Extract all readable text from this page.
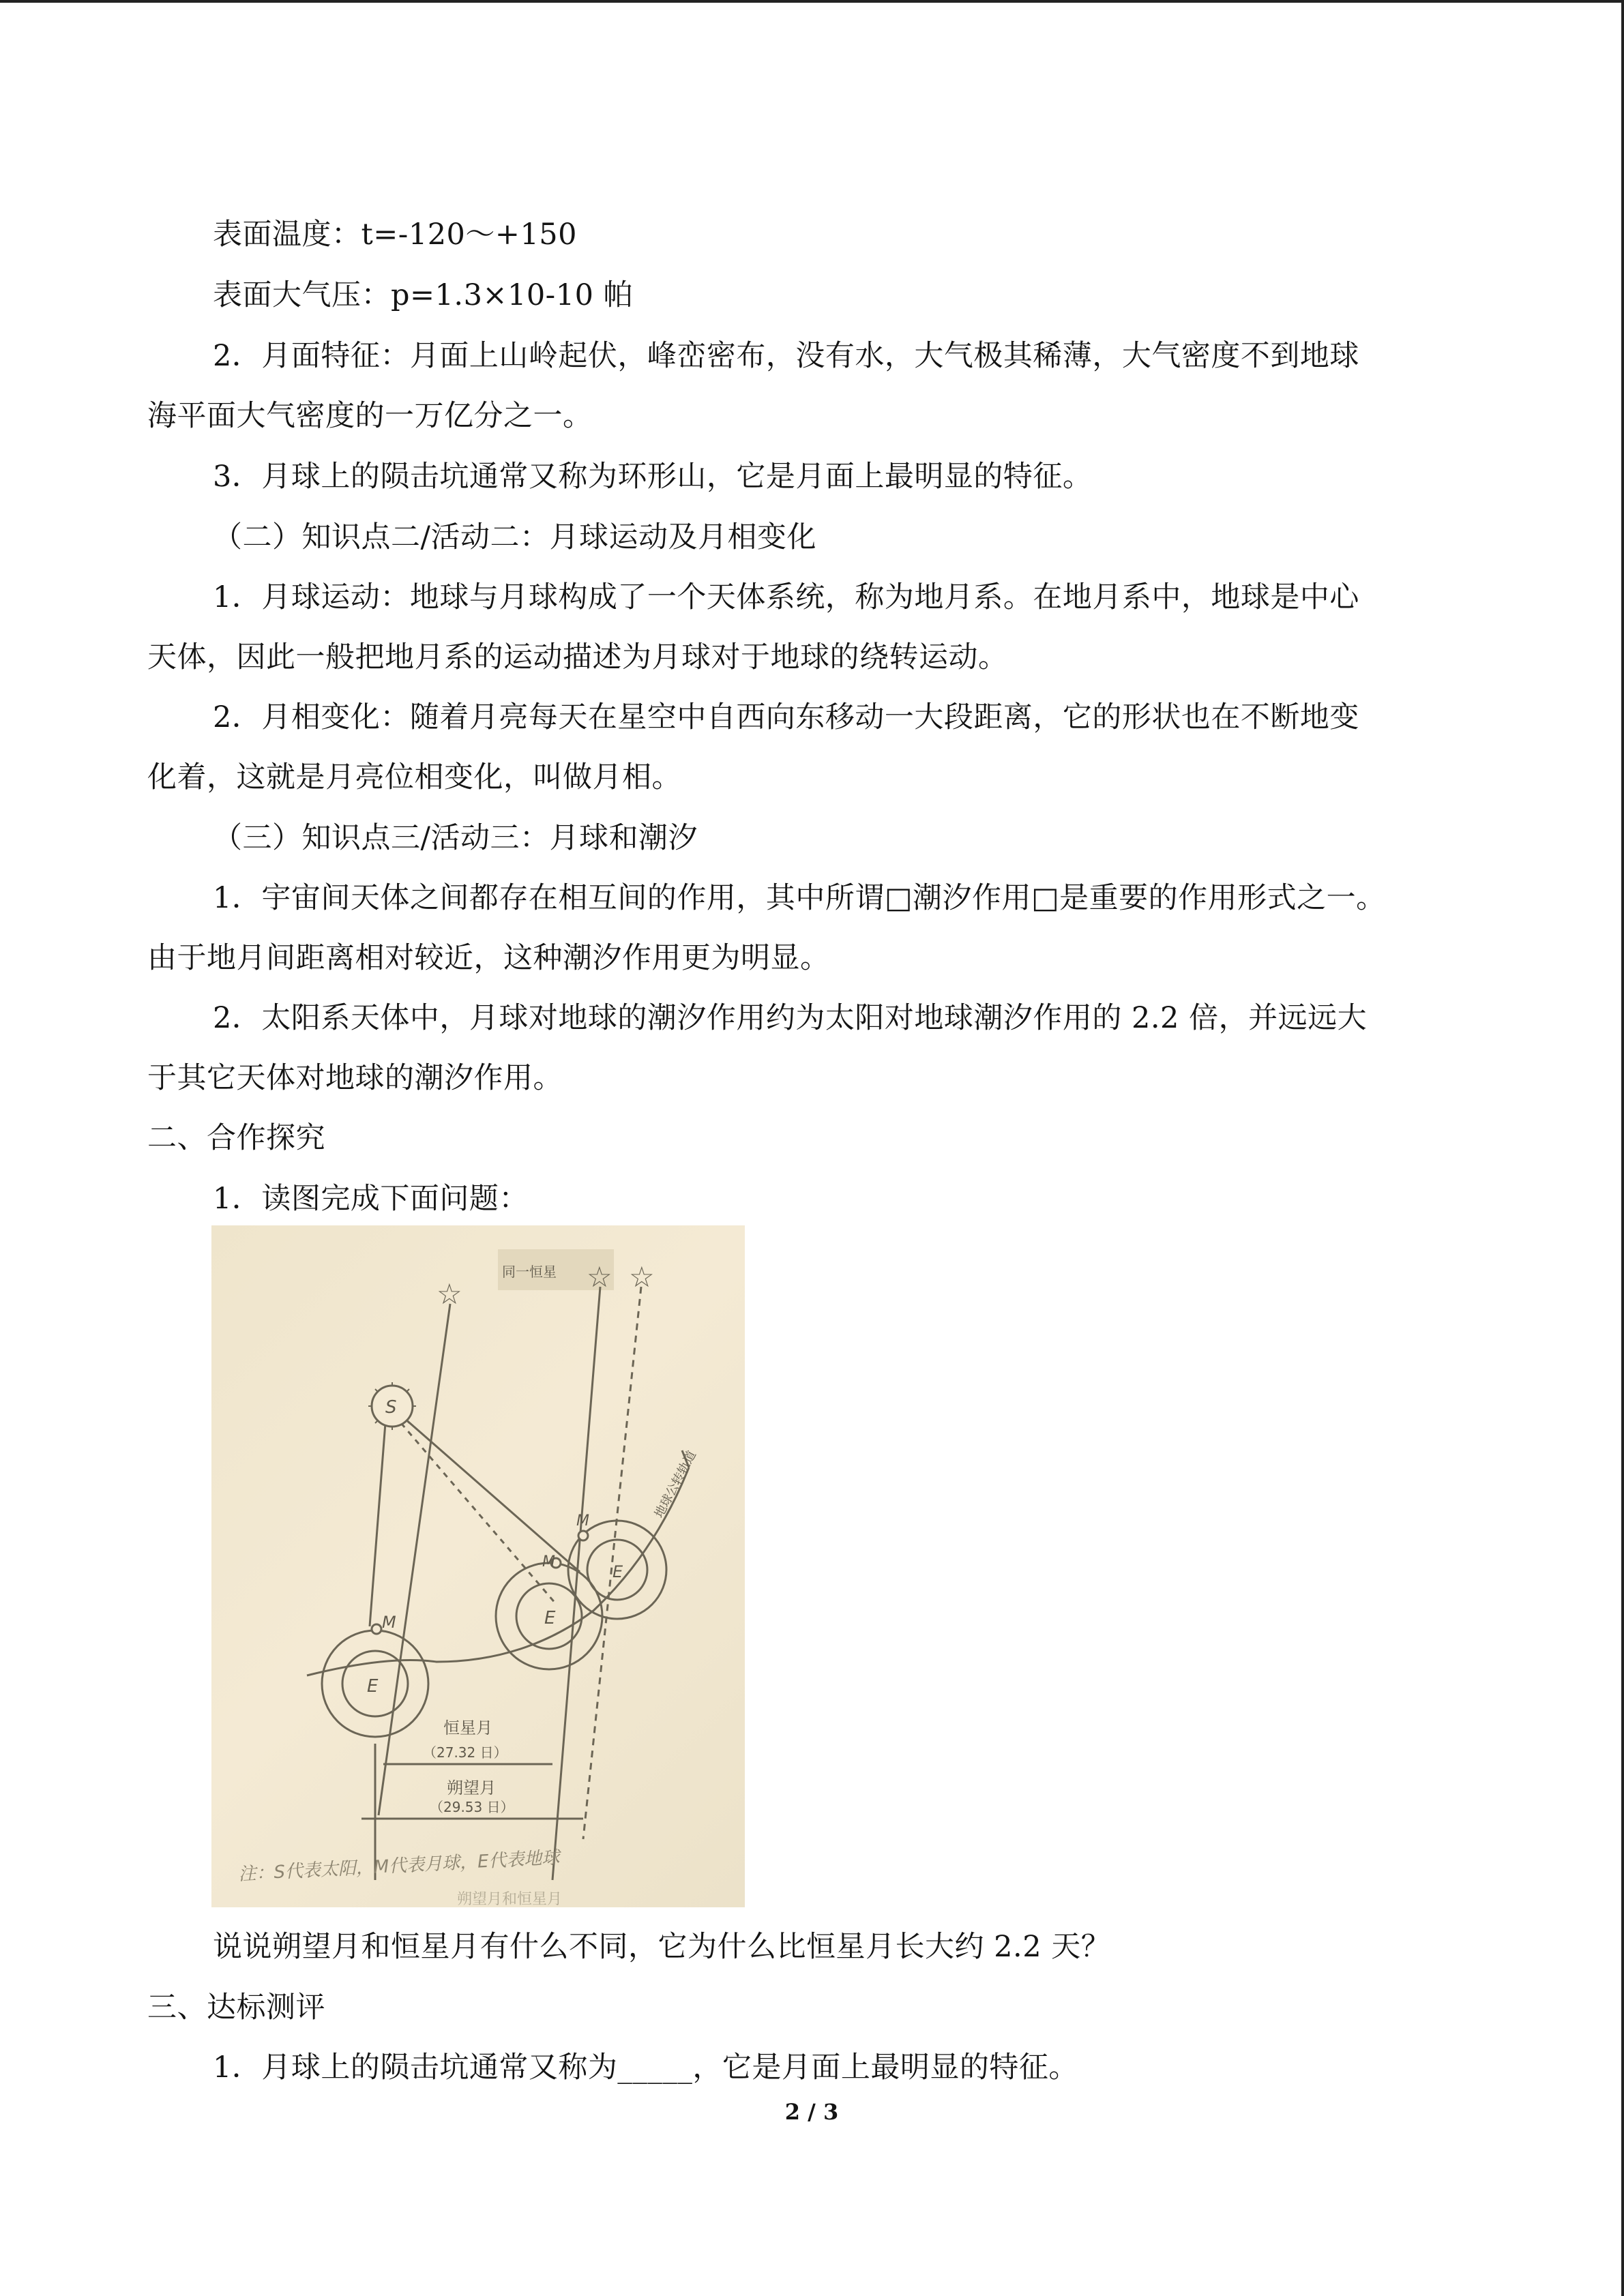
表面温度：t=-120～+150
表面大气压：p=1.3×10-10 帕
2．月面特征：月面上山岭起伏，峰峦密布，没有水，大气极其稀薄，大气密度不到地球
海平面大气密度的一万亿分之一。
3．月球上的陨击坑通常又称为环形山，它是月面上最明显的特征。
（二）知识点二/活动二：月球运动及月相变化
1．月球运动：地球与月球构成了一个天体系统，称为地月系。在地月系中，地球是中心
天体，因此一般把地月系的运动描述为月球对于地球的绕转运动。
2．月相变化：随着月亮每天在星空中自西向东移动一大段距离，它的形状也在不断地变
化着，这就是月亮位相变化，叫做月相。
（三）知识点三/活动三：月球和潮汐
1．宇宙间天体之间都存在相互间的作用，其中所谓□潮汐作用□是重要的作用形式之一。
由于地月间距离相对较近，这种潮汐作用更为明显。
2．太阳系天体中，月球对地球的潮汐作用约为太阳对地球潮汐作用的 2.2 倍，并远远大
于其它天体对地球的潮汐作用。
二、合作探究
1．读图完成下面问题：
☆
☆ ☆
同一恒星
S
M
E
M
E
M
E
地球公转轨道
恒星月
（27.32 日）
朔望月
（29.53 日）
注：S代表太阳，M代表月球，E代表地球
朔望月和恒星月
说说朔望月和恒星月有什么不同，它为什么比恒星月长大约 2.2 天？
三、达标测评
1．月球上的陨击坑通常又称为_____，它是月面上最明显的特征。
2 / 3
